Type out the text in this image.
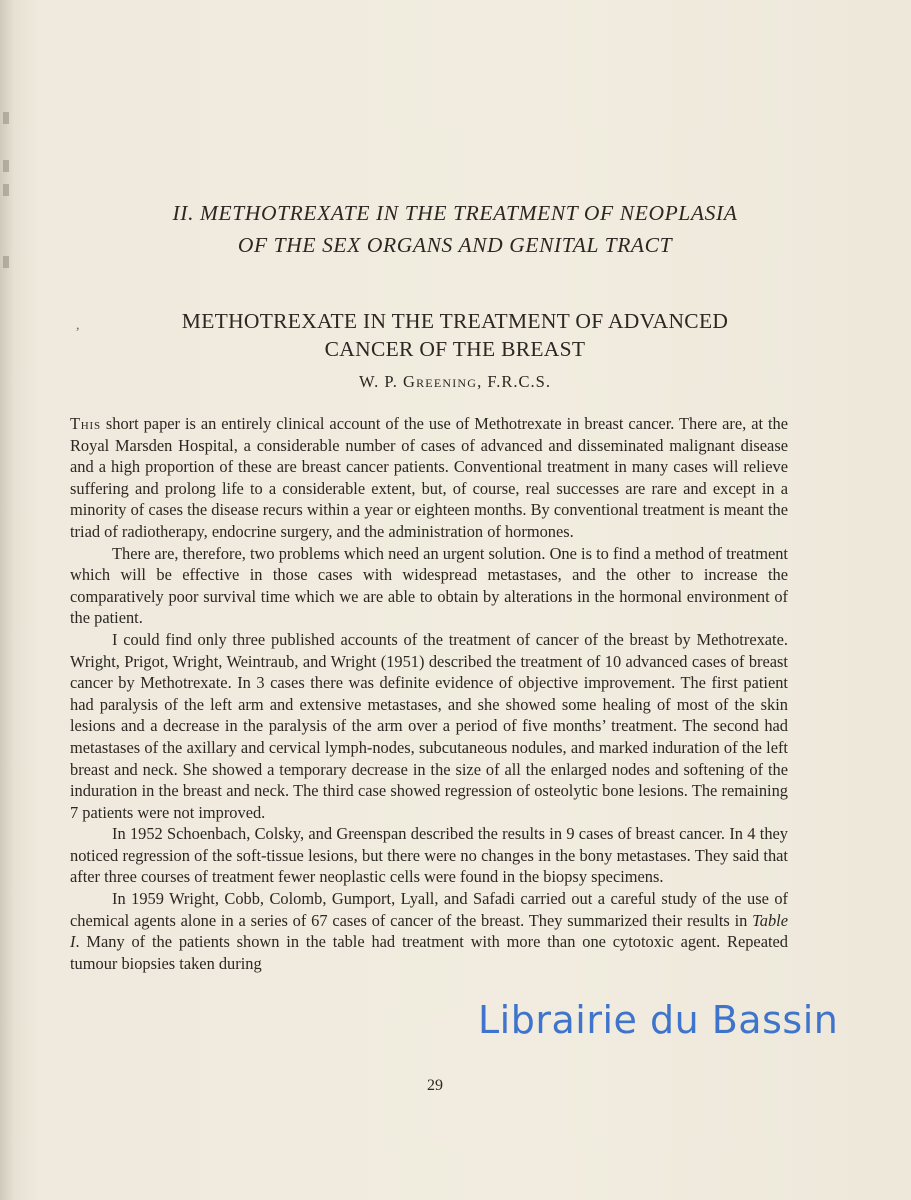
II. METHOTREXATE IN THE TREATMENT OF NEOPLASIA
OF THE SEX ORGANS AND GENITAL TRACT
,	METHOTREXATE IN THE TREATMENT OF ADVANCED
CANCER OF THE BREAST
W. P. Greening, F.R.C.S.

This short paper is an entirely clinical account of the use of Methotrexate in breast cancer. There are, at the Royal Marsden Hospital, a considerable number of cases of advanced and disseminated malignant disease and a high proportion of these are breast cancer patients. Conventional treatment in many cases will relieve suffering and prolong life to a considerable extent, but, of course, real successes are rare and except in a minority of cases the disease recurs within a year or eighteen months. By conventional treatment is meant the triad of radiotherapy, endocrine surgery, and the administration of hormones.

There are, therefore, two problems which need an urgent solution. One is to find a method of treatment which will be effective in those cases with widespread metastases, and the other to increase the comparatively poor survival time which we are able to obtain by alterations in the hormonal environment of the patient.

I could find only three published accounts of the treatment of cancer of the breast by Methotrexate. Wright, Prigot, Wright, Weintraub, and Wright (1951) described the treatment of 10 advanced cases of breast cancer by Methotrexate. In 3 cases there was definite evidence of objective improvement. The first patient had paralysis of the left arm and extensive metastases, and she showed some healing of most of the skin lesions and a decrease in the paralysis of the arm over a period of five months’ treatment. The second had metastases of the axillary and cervical lymph-nodes, subcutaneous nodules, and marked induration of the left breast and neck. She showed a temporary decrease in the size of all the enlarged nodes and softening of the induration in the breast and neck. The third case showed regression of osteolytic bone lesions. The remaining 7 patients were not improved.

In 1952 Schoenbach, Colsky, and Greenspan described the results in 9 cases of breast cancer. In 4 they noticed regression of the soft-tissue lesions, but there were no changes in the bony metastases. They said that after three courses of treatment fewer neoplastic cells were found in the biopsy specimens.

In 1959 Wright, Cobb, Colomb, Gumport, Lyall, and Safadi carried out a careful study of the use of chemical agents alone in a series of 67 cases of cancer of the breast. They summarized their results in Table I. Many of the patients shown in the table had treatment with more than one cytotoxic agent. Repeated tumour biopsies taken during

Librairie du Bassin
29
